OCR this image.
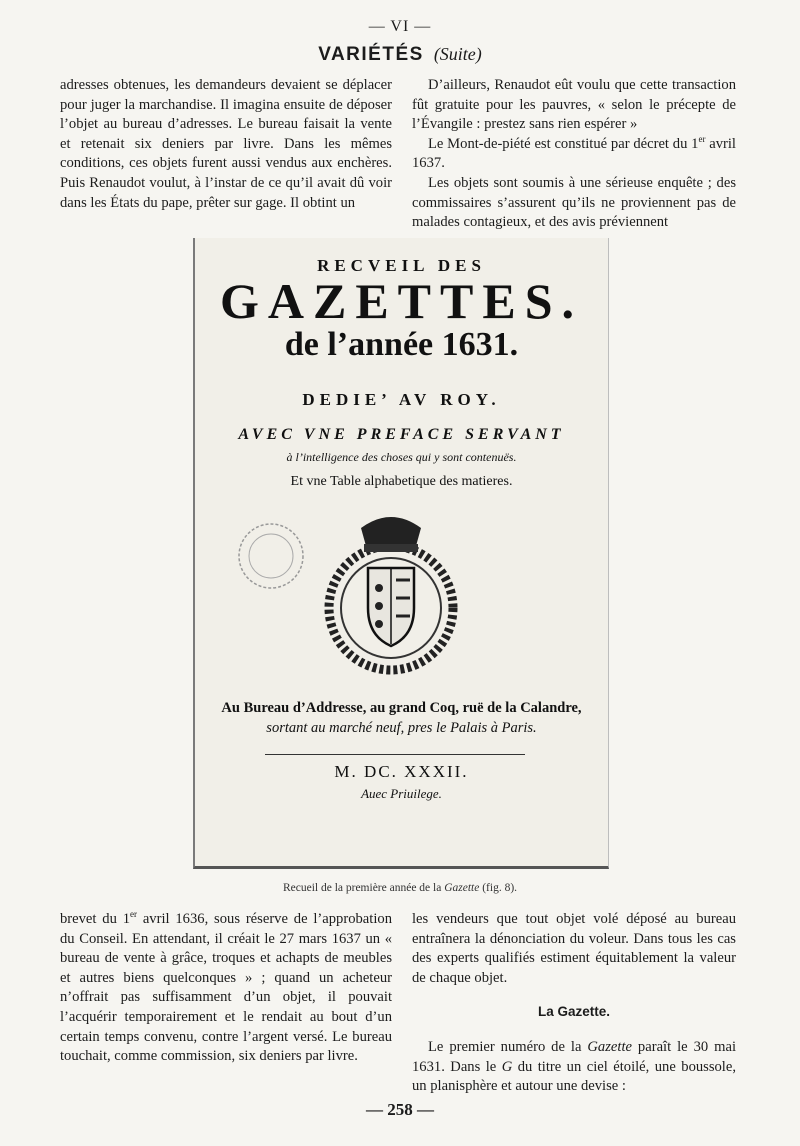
— VI —
VARIÉTÉS (Suite)

adresses obtenues, les demandeurs devaient se déplacer pour juger la marchandise. Il imagina ensuite de déposer l’objet au bureau d’adresses. Le bureau faisait la vente et retenait six deniers par livre. Dans les mêmes conditions, ces objets furent aussi vendus aux enchères. Puis Renaudot voulut, à l’instar de ce qu’il avait dû voir dans les États du pape, prêter sur gage. Il obtint un

D’ailleurs, Renaudot eût voulu que cette transaction fût gratuite pour les pauvres, « selon le précepte de l’Évangile : prestez sans rien espérer »

Le Mont-de-piété est constitué par décret du 1er avril 1637.

Les objets sont soumis à une sérieuse enquête ; des commissaires s’assurent qu’ils ne proviennent pas de malades contagieux, et des avis préviennent

RECVEIL DES
GAZETTES.
de l’année 1631.
DEDIE’ AV ROY.
AVEC VNE PREFACE SERVANT
à l’intelligence des choses qui y sont contenuës.
Et vne Table alphabetique des matieres.
Au Bureau d’Addresse, au grand Coq, ruë de la Calandre,
sortant au marché neuf, pres le Palais à Paris.
M. DC. XXXII.
Auec Priuilege.
Recueil de la première année de la Gazette (fig. 8).

brevet du 1er avril 1636, sous réserve de l’approbation du Conseil. En attendant, il créait le 27 mars 1637 un « bureau de vente à grâce, troques et achapts de meubles et autres biens quelconques » ; quand un acheteur n’offrait pas suffisamment d’un objet, il pouvait l’acquérir temporairement et le rendait au bout d’un certain temps convenu, contre l’argent versé. Le bureau touchait, comme commission, six deniers par livre.

les vendeurs que tout objet volé déposé au bureau entraînera la dénonciation du voleur. Dans tous les cas des experts qualifiés estiment équitablement la valeur de chaque objet.

La Gazette.

Le premier numéro de la Gazette paraît le 30 mai 1631. Dans le G du titre un ciel étoilé, une boussole, un planisphère et autour une devise :

— 258 —
